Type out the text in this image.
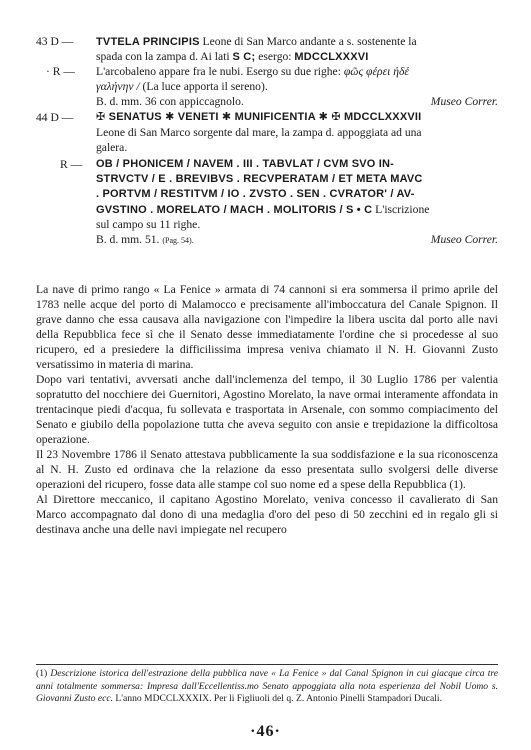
43 D — TVTELA PRINCIPIS Leone di San Marco andante a s. sostenente la
spada con la zampa d. Ai lati S C; esergo: MDCCLXXXVI
· R — L'arcobaleno appare fra le nubi. Esergo su due righe: φῶς φέρει ἠδέ
γαλήνην / (La luce apporta il sereno).
B. d. mm. 36 con appiccagnolo.	Museo Correr.
44 D — ✠ SENATUS ✱ VENETI ✱ MUNIFICENTIA ✱ ✠ MDCCLXXXVII
Leone di San Marco sorgente dal mare, la zampa d. appoggiata ad una
galera.
R — OB / PHONICEM / NAVEM . III . TABVLAT / CVM SVO IN-
STRVCTV / E . BREVIBVS . RECVPERATAM / ET META MAVC
. PORTVM / RESTITVM / IO . ZVSTO . SEN . CVRATOR' / AV-
GVSTINO . MORELATO / MACH . MOLITORIS / S • C L'iscrizione
sul campo su 11 righe.
B. d. mm. 51. (Pag. 54).	Museo Correr.

La nave di primo rango « La Fenice » armata di 74 cannoni si era sommersa il primo aprile del 1783 nelle acque del porto di Malamocco e precisamente all'imboccatura del Canale Spignon. Il grave danno che essa causava alla navigazione con l'impedire la libera uscita dal porto alle navi della Repubblica fece sì che il Senato desse immediatamente l'ordine che si procedesse al suo ricupero, ed a presiedere la difficilissima impresa veniva chiamato il N. H. Giovanni Zusto versatissimo in materia di marina.

Dopo vari tentativi, avversati anche dall'inclemenza del tempo, il 30 Luglio 1786 per valentia sopratutto del nocchiere dei Guernitori, Agostino Morelato, la nave ormai interamente affondata in trentacinque piedi d'acqua, fu sollevata e trasportata in Arsenale, con sommo compiacimento del Senato e giubilo della popolazione tutta che aveva seguito con ansie e trepidazione la difficoltosa operazione.

Il 23 Novembre 1786 il Senato attestava pubblicamente la sua soddisfazione e la sua riconoscenza al N. H. Zusto ed ordinava che la relazione da esso presentata sullo svolgersi delle diverse operazioni del ricupero, fosse data alle stampe col suo nome ed a spese della Repubblica (1).

Al Direttore meccanico, il capitano Agostino Morelato, veniva concesso il cavalierato di San Marco accompagnato dal dono di una medaglia d'oro del peso di 50 zecchini ed in regalo gli si destinava anche una delle navi impiegate nel recupero

(1) Descrizione istorica dell'estrazione della pubblica nave « La Fenice » dal Canal Spignon in cui giacque circa tre anni totalmente sommersa: Impresa dall'Eccellentiss.mo Senato appoggiata alla nota esperienza del Nobil Uomo s. Giovanni Zusto ecc. L'anno MDCCLXXXIX. Per li Figliuoli del q. Z. Antonio Pinelli Stampadori Ducali.
·46·
